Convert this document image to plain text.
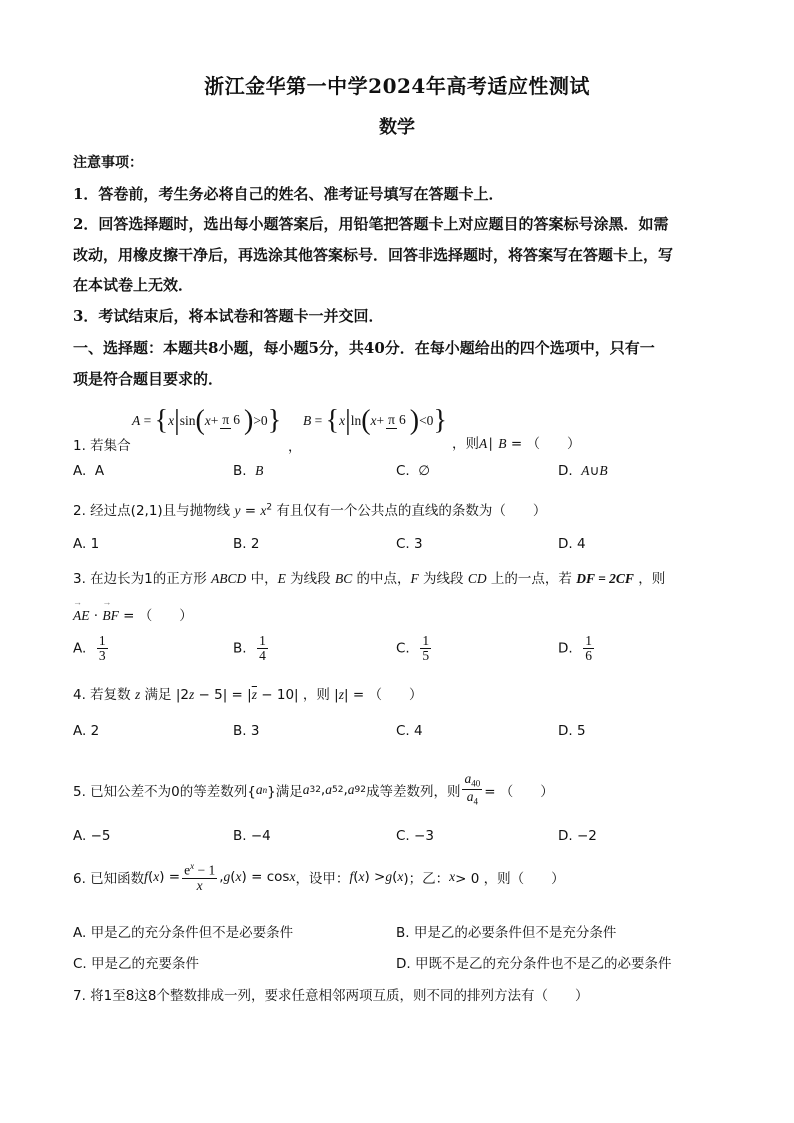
浙江金华第一中学2024年高考适应性测试
数学
注意事项：
1．答卷前，考生务必将自己的姓名、准考证号填写在答题卡上．
2．回答选择题时，选出每小题答案后，用铅笔把答题卡上对应题目的答案标号涂黑．如需
改动，用橡皮擦干净后，再选涂其他答案标号．回答非选择题时，将答案写在答题卡上，写
在本试卷上无效．
3．考试结束后，将本试卷和答题卡一并交回．
一、选择题：本题共8小题，每小题5分，共40分．在每小题给出的四个选项中，只有一
项是符合题目要求的．
A = { x | sin ( x + π 6 ) >0 } B = { x | ln ( x + π 6 ) <0 }
1. 若集合	，	，则A∣ B = （　　）
A.  A	B.  B	C.  ∅	D.  A∪B
2. 经过点(2,1)且与抛物线 $y = x^2$ 有且仅有一个公共点的直线的条数为（　　）
A. 1	B. 2	C. 3	D. 4
3. 在边长为1的正方形 ABCD 中，E 为线段 BC 的中点，F 为线段 CD 上的一点，若 DF = 2CF ，则
→ AE · → BF = （　　）
A. $\frac{1}{3}$	B. $\frac{1}{4}$	C. $\frac{1}{5}$	D. $\frac{1}{6}$
4. 若复数 z 满足 $|2z - 5| = |\overline{z} - 10|$ ，则 |z| = （　　）
A. 2	B. 3	C. 4	D. 5
5. 已知公差不为0的等差数列{ a n }满足 a 3 2 , a 5 2 , a 9 2 成等差数列，则 $\frac{a_{40}}{a_4}$ = （　　）
A. −5	B. −4	C. −3	D. −2
6. 已知函数 f ( x ) = $\frac{e^x - 1}{x}$ , g ( x ) = cos x ，设甲： f ( x ) > g ( x )；乙： x > 0 ，则（　　）
A. 甲是乙的充分条件但不是必要条件	B. 甲是乙的必要条件但不是充分条件
C. 甲是乙的充要条件	D. 甲既不是乙的充分条件也不是乙的必要条件
7. 将1至8这8个整数排成一列，要求任意相邻两项互质，则不同的排列方法有（　　）
